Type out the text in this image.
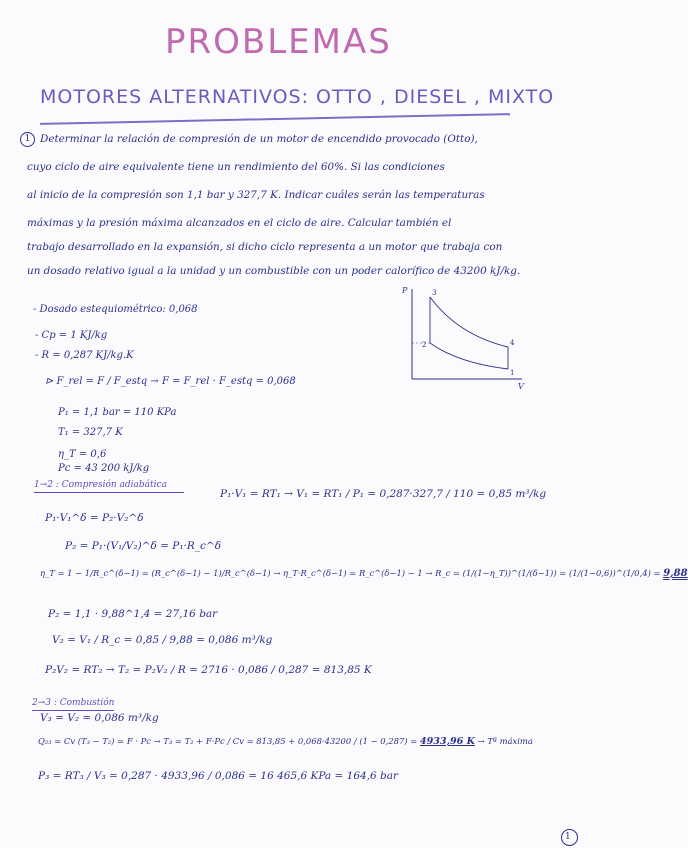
PROBLEMAS
MOTORES ALTERNATIVOS: OTTO , DIESEL , MIXTO
1 Determinar la relación de compresión de un motor de encendido provocado (Otto),
cuyo ciclo de aire equivalente tiene un rendimiento del 60%. Si las condiciones
al inicio de la compresión son 1,1 bar y 327,7 K. Indicar cuáles serán las temperaturas
máximas y la presión máxima alcanzados en el ciclo de aire. Calcular también el
trabajo desarrollado en la expansión, si dicho ciclo representa a un motor que trabaja con
un dosado relativo igual a la unidad y un combustible con un poder calorífico de 43200 kJ/kg.
- Dosado estequiométrico: 0,068
- Cp = 1 KJ/kg
- R = 0,287 KJ/kg.K
⊳ F_rel = F / F_estq → F = F_rel · F_estq = 0,068
P₁ = 1,1 bar = 110 KPa
T₁ = 327,7 K
η_T = 0,6
Pc = 43 200 kJ/kg
P
V
3
2	4
1
1→2 : Compresión adiabática
P₁·V₁ = RT₁ → V₁ = RT₁ / P₁ = 0,287·327,7 / 110 = 0,85 m³/kg
P₁·V₁^δ = P₂·V₂^δ
P₂ = P₁·(V₁/V₂)^δ = P₁·R_c^δ
η_T = 1 − 1/R_c^(δ−1) = (R_c^(δ−1) − 1)/R_c^(δ−1) → η_T·R_c^(δ−1) = R_c^(δ−1) − 1 → R_c = (1/(1−η_T))^(1/(δ−1)) = (1/(1−0,6))^(1/0,4) = 9,88
P₂ = 1,1 · 9,88^1,4 = 27,16 bar
V₂ = V₁ / R_c = 0,85 / 9,88 = 0,086 m³/kg
P₂V₂ = RT₂ → T₂ = P₂V₂ / R = 2716 · 0,086 / 0,287 = 813,85 K
2→3 : Combustión
V₃ = V₂ = 0,086 m³/kg
Q₂₃ = Cv (T₃ − T₂) = F · Pc → T₃ = T₂ + F·Pc / Cv = 813,85 + 0,068·43200 / (1 − 0,287) = 4933,96 K → Tª máxima
P₃ = RT₃ / V₃ = 0,287 · 4933,96 / 0,086 = 16 465,6 KPa = 164,6 bar
1
